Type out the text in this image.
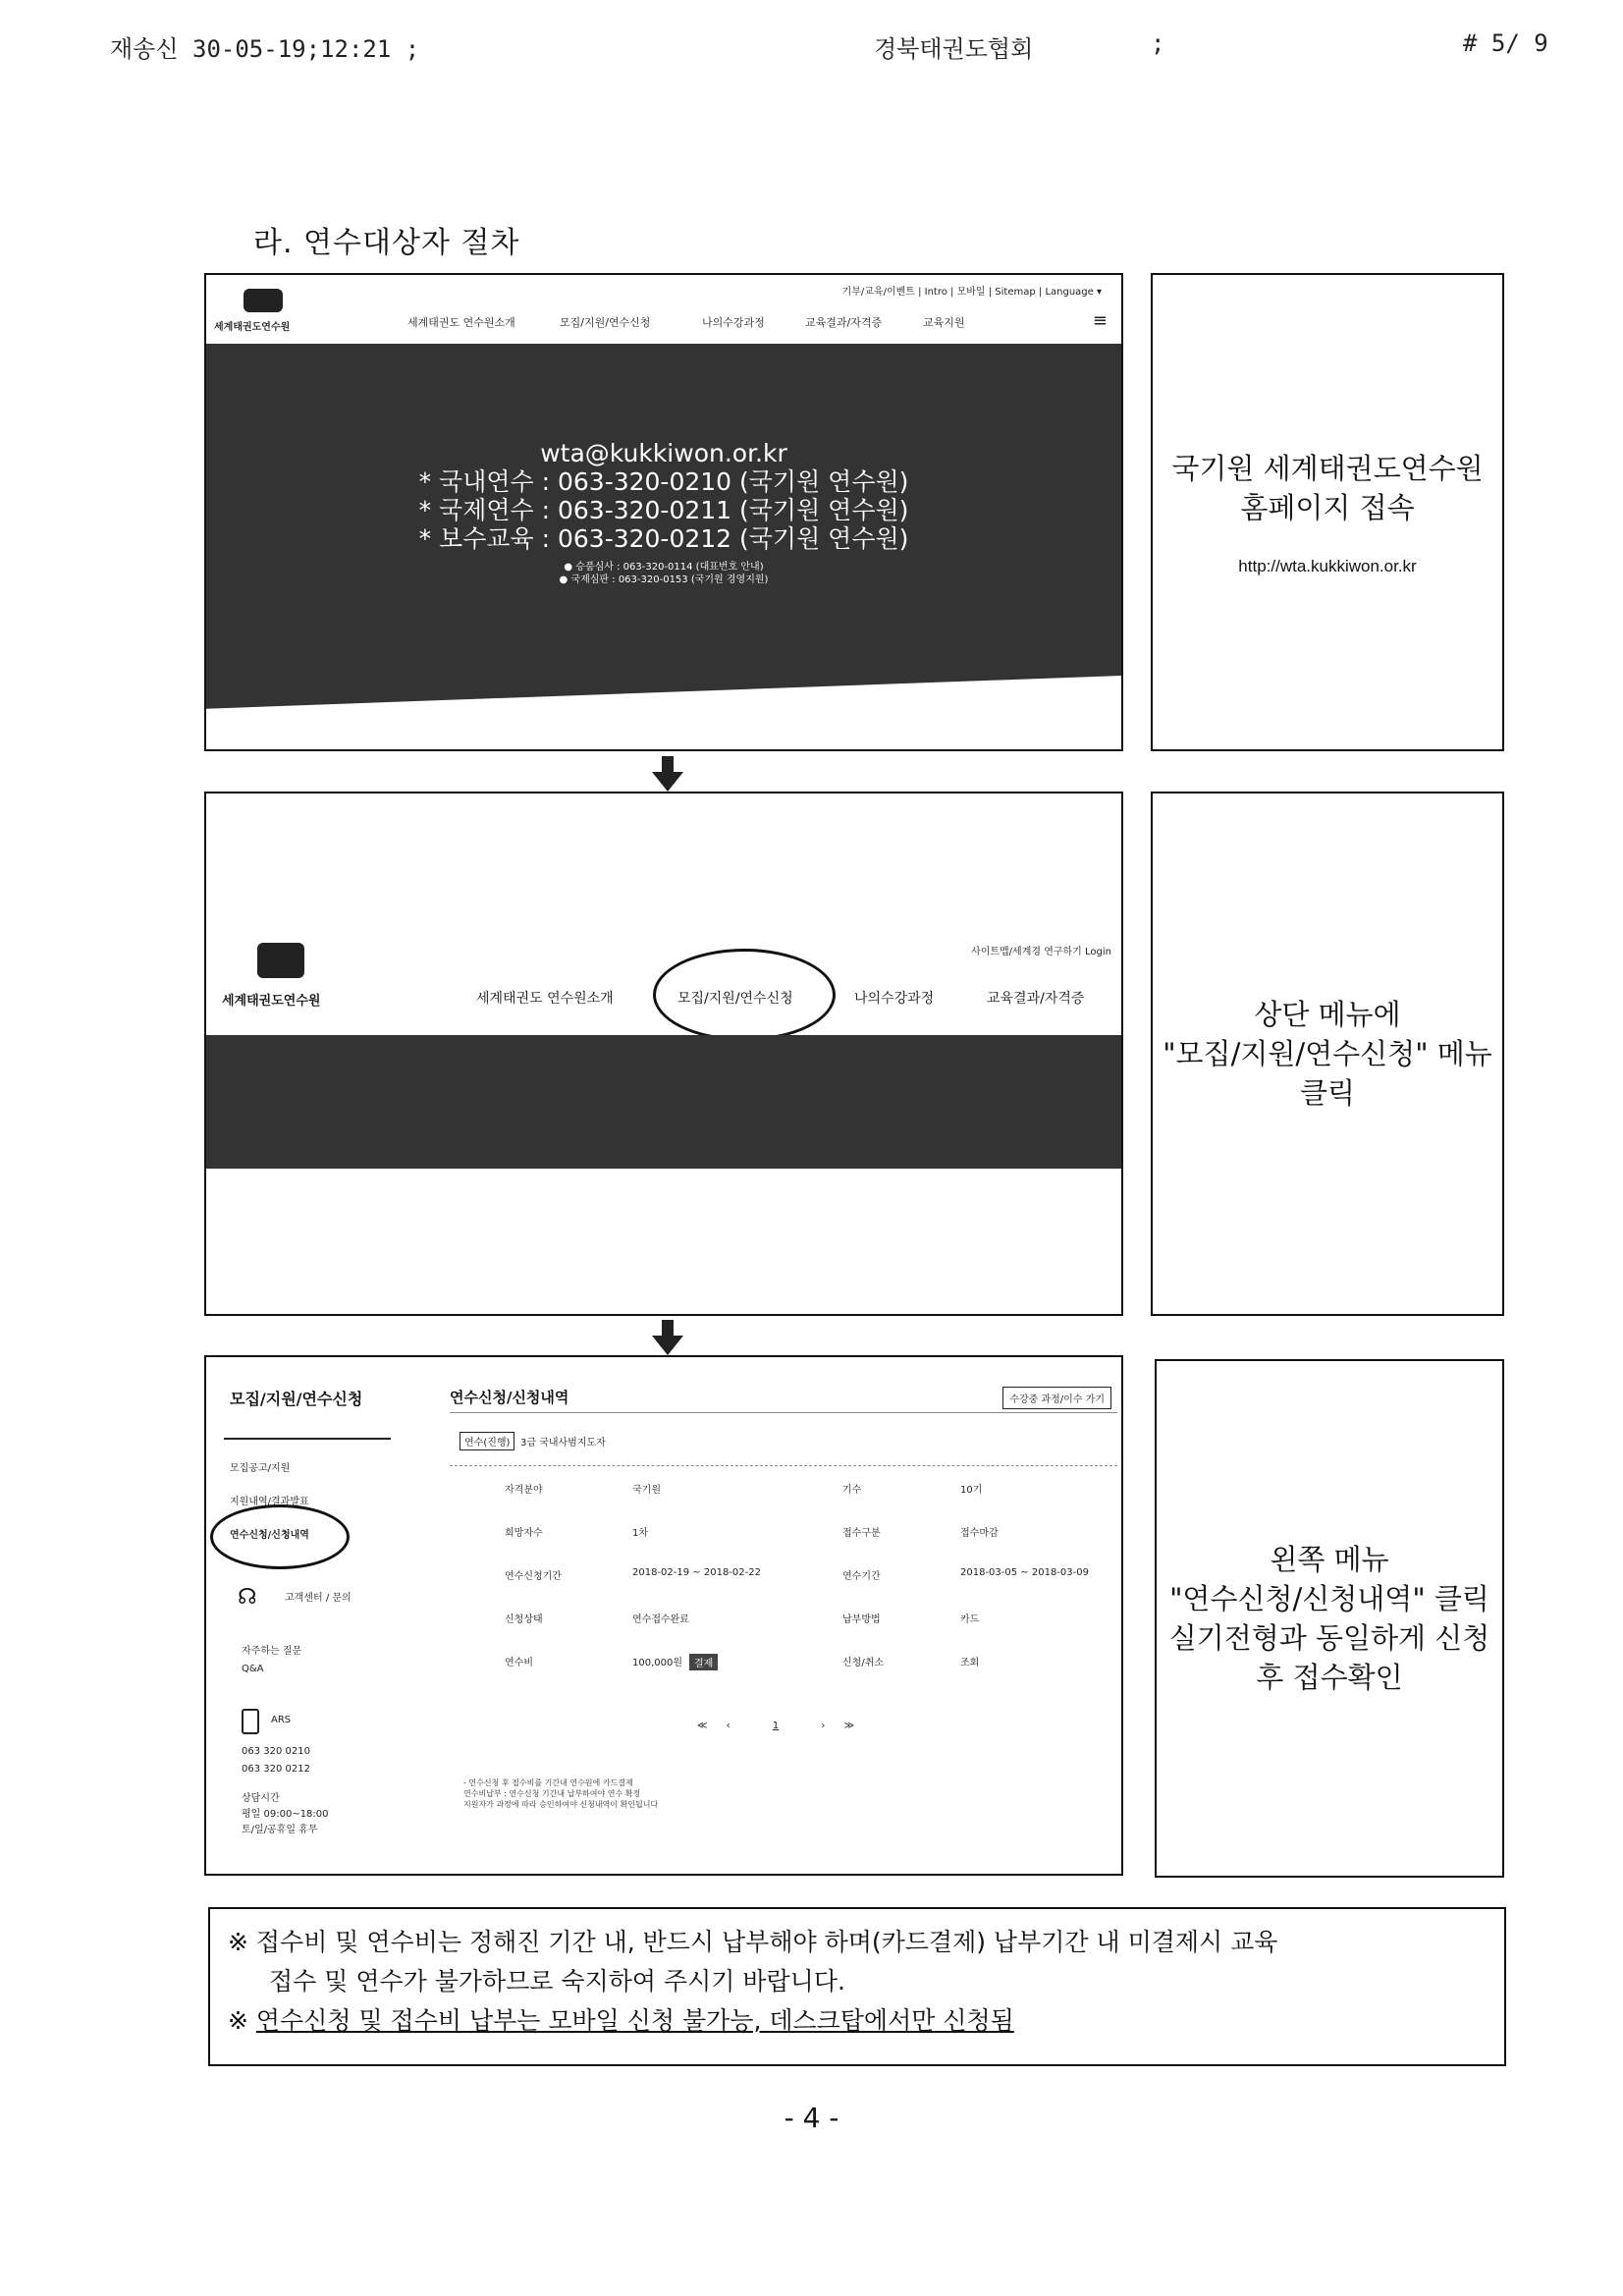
재송신 30-05-19;12:21 ;	경북태권도협회	;	# 5/ 9
라. 연수대상자 절차
기부/교육/이벤트 | Intro | 모바일 | Sitemap | Language ▾
세계태권도연수원	세계태권도 연수원소개	모집/지원/연수신청	나의수강과정	교육결과/자격증	교육지원	≡
wta@kukkiwon.or.kr
* 국내연수 : 063-320-0210 (국기원 연수원)
* 국제연수 : 063-320-0211 (국기원 연수원)
* 보수교육 : 063-320-0212 (국기원 연수원)
● 승품심사 : 063-320-0114 (대표번호 안내)
● 국제심판 : 063-320-0153 (국기원 경영지원)
국기원 세계태권도연수원
홈페이지 접속
http://wta.kukkiwon.or.kr
사이트맵/세계경 연구하기 Login
세계태권도연수원	세계태권도 연수원소개	모집/지원/연수신청	나의수강과정	교육결과/자격증	상단 메뉴에
"모집/지원/연수신청" 메뉴
클릭
모집/지원/연수신청
모집공고/지원
지원내역/결과발표
연수신청/신청내역
☊	고객센터 / 문의
자주하는 질문
Q&A
ARS
063 320 0210
063 320 0212
상담시간
평일 09:00~18:00
토/일/공휴일 휴무
연수신청/신청내역	수강중 과정/이수 가기
연수(진행)	3급 국내사범지도자
자격분야	국기원	기수	10기
희망자수	1차	접수구분	접수마감
연수신청기간	2018-02-19 ~ 2018-02-22	연수기간	2018-03-05 ~ 2018-03-09
신청상태	연수접수완료	납부방법	카드
연수비	100,000원	결제	신청/취소	조회
≪ ‹	1	› ≫
- 연수신청 후 접수비를 기간내 연수원에 카드결제
연수비납부 : 연수신청 기간내 납부하여야 연수 확정
지원자가 과정에 따라 승인하여야 신청내역이 확인됩니다
왼쪽 메뉴
"연수신청/신청내역" 클릭
실기전형과 동일하게 신청
후 접수확인
※ 접수비 및 연수비는 정해진 기간 내, 반드시 납부해야 하며(카드결제) 납부기간 내 미결제시 교육
접수 및 연수가 불가하므로 숙지하여 주시기 바랍니다.
※ 연수신청 및 접수비 납부는 모바일 신청 불가능, 데스크탑에서만 신청됨
- 4 -
